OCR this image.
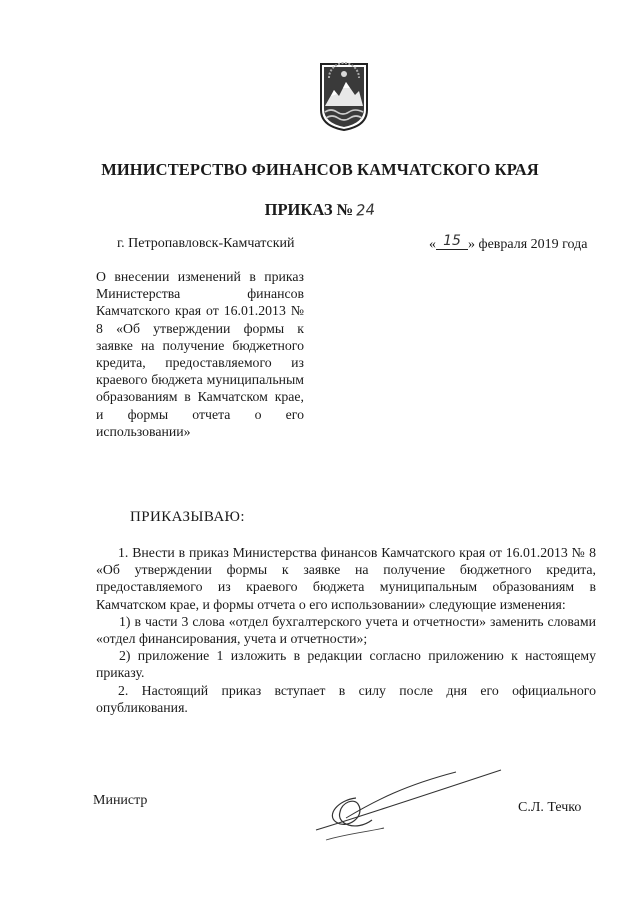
МИНИСТЕРСТВО ФИНАНСОВ КАМЧАТСКОГО КРАЯ
ПРИКАЗ № 24
г. Петропавловск-Камчатский	« 15 » февраля 2019 года
О внесении изменений в приказ Министерства финансов Камчатского края от 16.01.2013 № 8 «Об утверждении формы к заявке на получение бюджетного кредита, предоставляемого из краевого бюджета муниципальным образованиям в Камчатском крае, и формы отчета о его использовании»
ПРИКАЗЫВАЮ:

1. Внести в приказ Министерства финансов Камчатского края от 16.01.2013 № 8 «Об утверждении формы к заявке на получение бюджетного кредита, предоставляемого из краевого бюджета муниципальным образованиям в Камчатском крае, и формы отчета о его использовании» следующие изменения:

1) в части 3 слова «отдел бухгалтерского учета и отчетности» заменить словами «отдел финансирования, учета и отчетности»;

2) приложение 1 изложить в редакции согласно приложению к настоящему приказу.

2. Настоящий приказ вступает в силу после дня его официального опубликования.

Министр	С.Л. Течко
